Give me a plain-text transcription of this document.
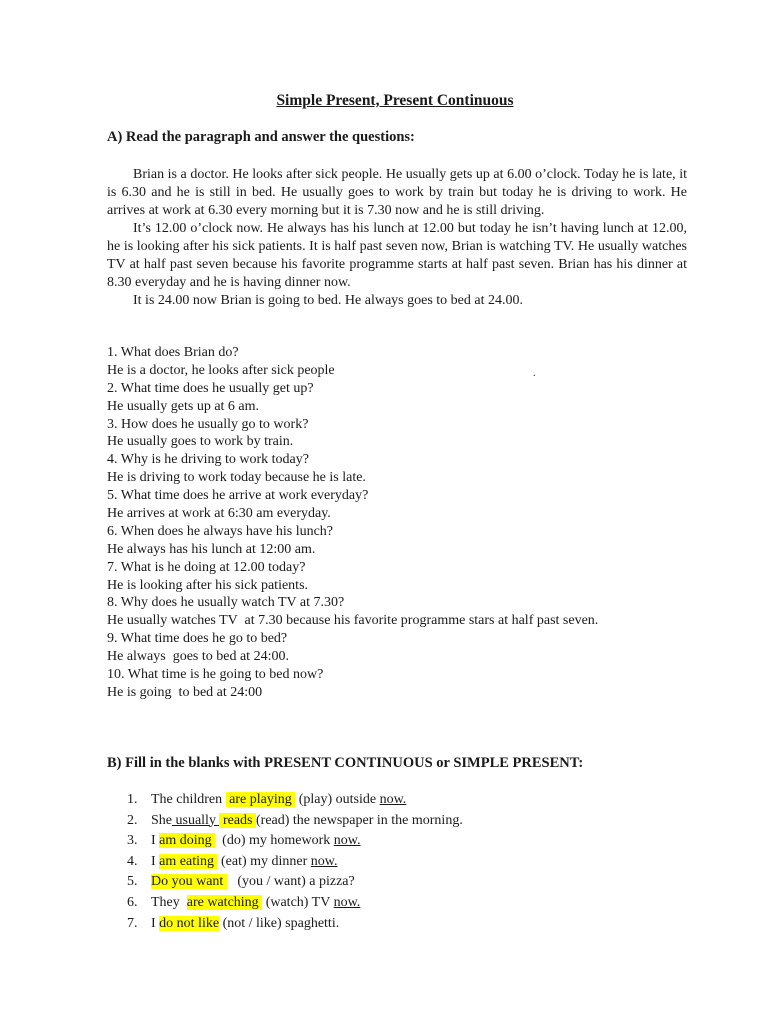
Simple Present, Present Continuous
A) Read the paragraph and answer the questions:

Brian is a doctor. He looks after sick people. He usually gets up at 6.00 o’clock. Today he is late, it is 6.30 and he is still in bed. He usually goes to work by train but today he is driving to work. He arrives at work at 6.30 every morning but it is 7.30 now and he is still driving.

It’s 12.00 o’clock now. He always has his lunch at 12.00 but today he isn’t having lunch at 12.00, he is looking after his sick patients. It is half past seven now, Brian is watching TV. He usually watches TV at half past seven because his favorite programme starts at half past seven. Brian has his dinner at 8.30 everyday and he is having dinner now.

It is 24.00 now Brian is going to bed. He always goes to bed at 24.00.

1. What does Brian do?
He is a doctor, he looks after sick people
2. What time does he usually get up?
He usually gets up at 6 am.
3. How does he usually go to work?
He usually goes to work by train.
4. Why is he driving to work today?
He is driving to work today because he is late.
5. What time does he arrive at work everyday?
He arrives at work at 6:30 am everyday.
6. When does he always have his lunch?
He always has his lunch at 12:00 am.
7. What is he doing at 12.00 today?
He is looking after his sick patients.
8. Why does he usually watch TV at 7.30?
He usually watches TV  at 7.30 because his favorite programme stars at half past seven.
9. What time does he go to bed?
He always  goes to bed at 24:00.
10. What time is he going to bed now?
He is going  to bed at 24:00
.
B) Fill in the blanks with PRESENT CONTINUOUS or SIMPLE PRESENT:
1. The children  are playing  (play) outside now.
2. She usually  reads (read) the newspaper in the morning.
3. I am doing   (do) my homework now.
4. I am eating  (eat) my dinner now.
5. Do you want    (you / want) a pizza?
6. They  are watching  (watch) TV now.
7. I do not like (not / like) spaghetti.
